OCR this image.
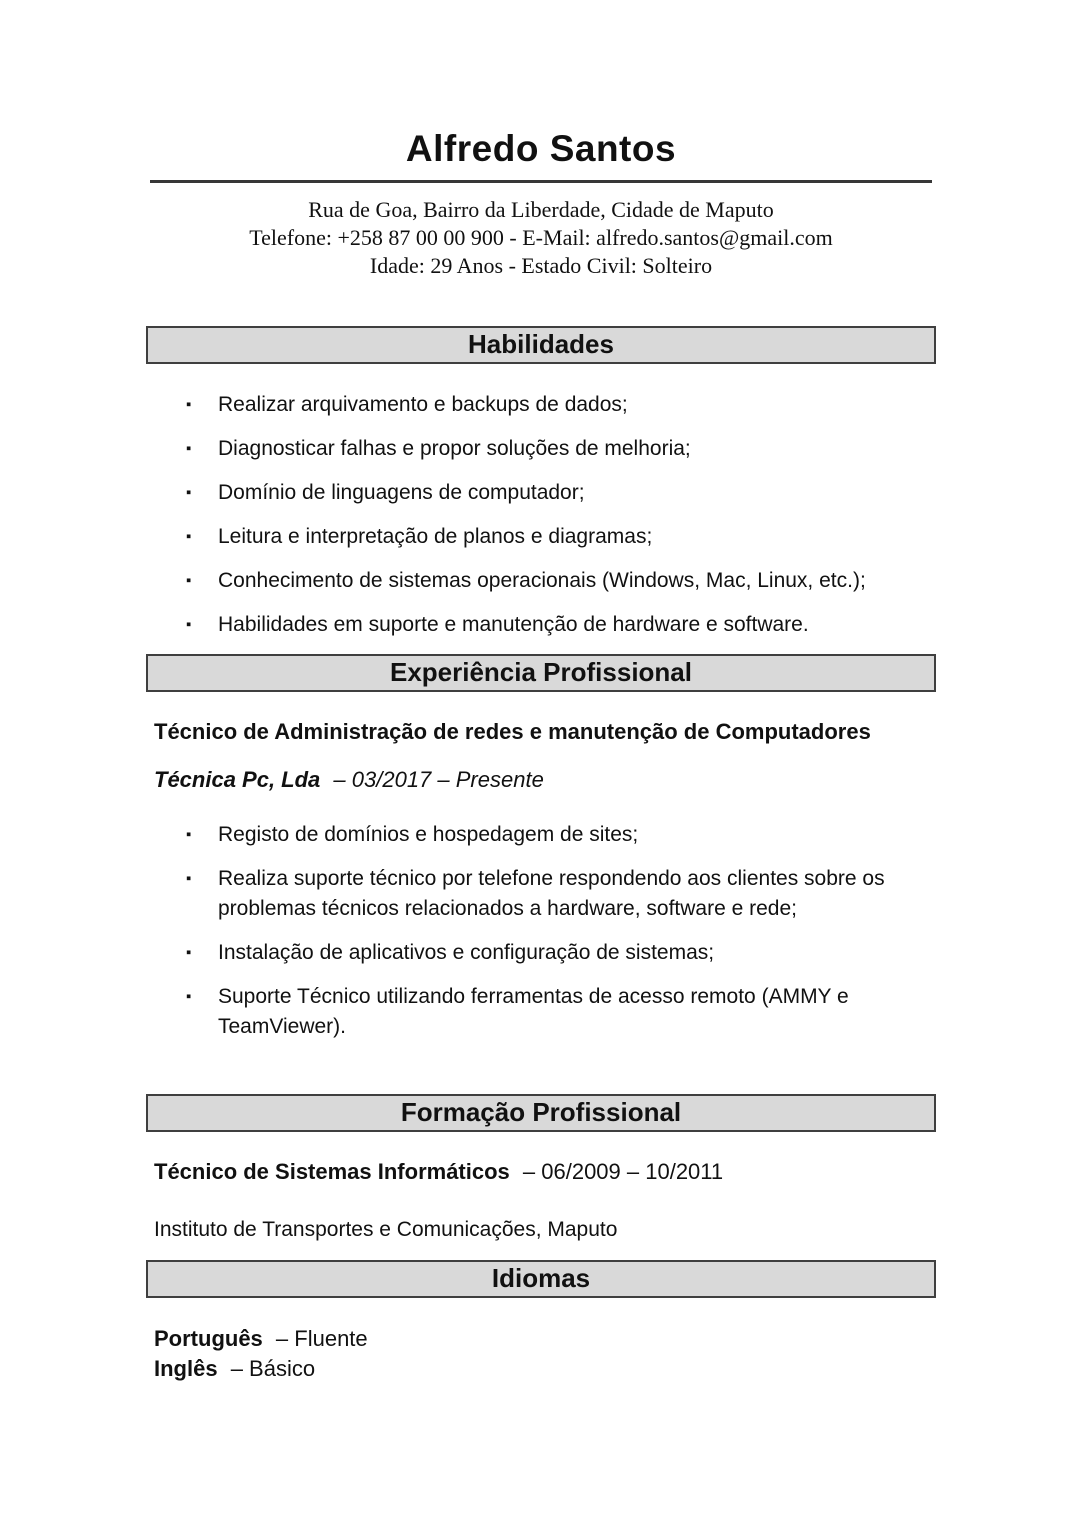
Alfredo Santos

Rua de Goa, Bairro da Liberdade, Cidade de Maputo

Telefone: +258 87 00 00 900 - E-Mail: alfredo.santos@gmail.com

Idade: 29 Anos - Estado Civil: Solteiro

Habilidades
▪	Realizar arquivamento e backups de dados;
▪	Diagnosticar falhas e propor soluções de melhoria;
▪	Domínio de linguagens de computador;
▪	Leitura e interpretação de planos e diagramas;
▪	Conhecimento de sistemas operacionais (Windows, Mac, Linux, etc.);
▪	Habilidades em suporte e manutenção de hardware e software.
Experiência Profissional

Técnico de Administração de redes e manutenção de Computadores

Técnica Pc, Lda – 03/2017 – Presente

▪	Registo de domínios e hospedagem de sites;
▪	Realiza suporte técnico por telefone respondendo aos clientes sobre os problemas técnicos relacionados a hardware, software e rede;
▪	Instalação de aplicativos e configuração de sistemas;
▪	Suporte Técnico utilizando ferramentas de acesso remoto (AMMY e TeamViewer).
Formação Profissional

Técnico de Sistemas Informáticos – 06/2009 – 10/2011

Instituto de Transportes e Comunicações, Maputo

Idiomas

Português – Fluente

Inglês – Básico
